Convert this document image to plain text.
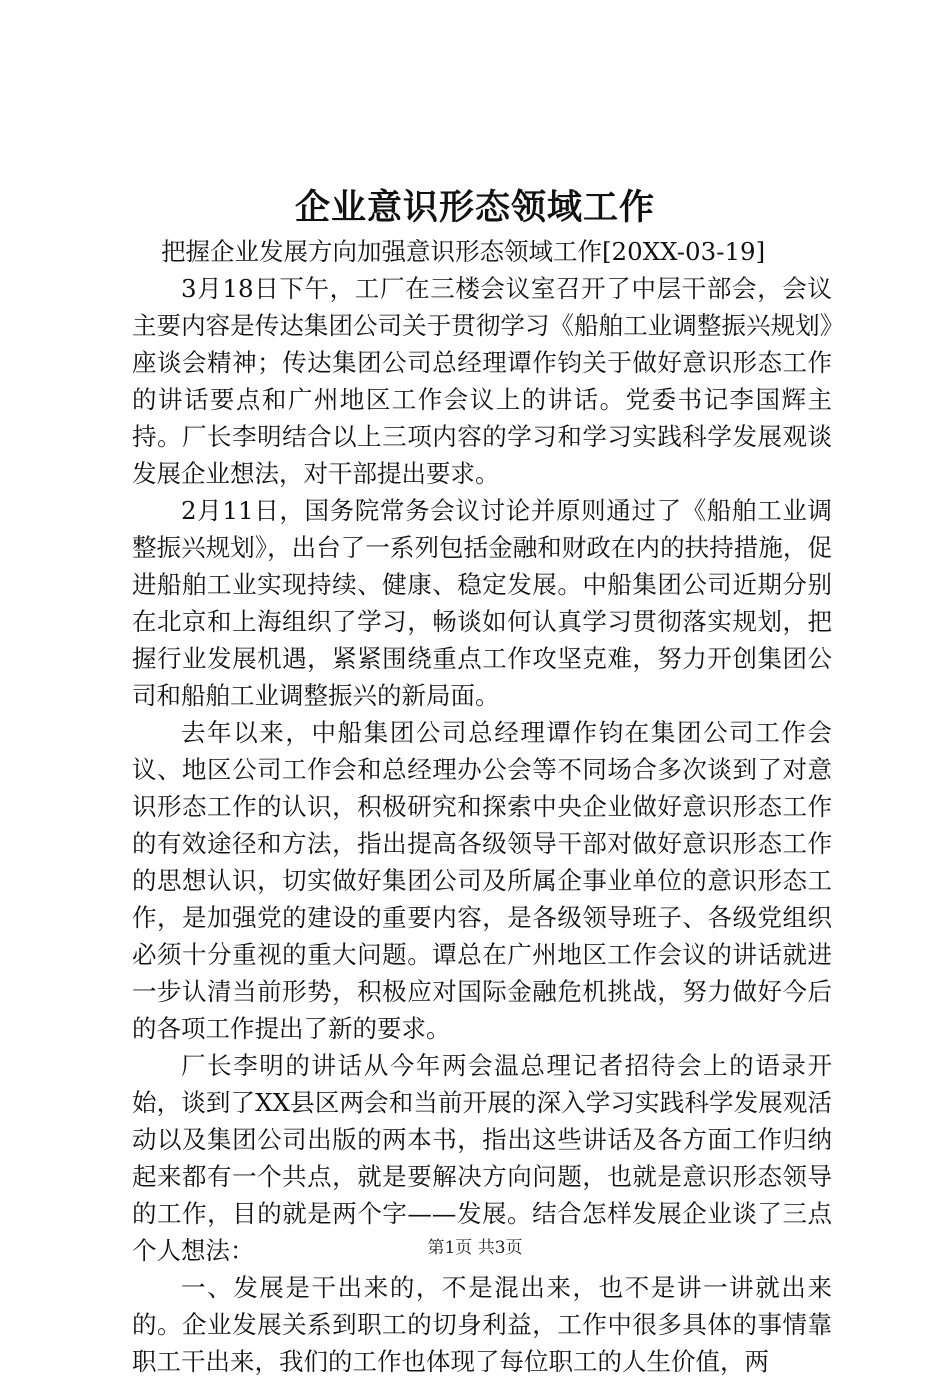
企业意识形态领域工作

把握企业发展方向加强意识形态领域工作[20XX-03-19]

3月18日下午，工厂在三楼会议室召开了中层干部会，会议主要内容是传达集团公司关于贯彻学习《船舶工业调整振兴规划》座谈会精神；传达集团公司总经理谭作钧关于做好意识形态工作的讲话要点和广州地区工作会议上的讲话。党委书记李国辉主持。厂长李明结合以上三项内容的学习和学习实践科学发展观谈发展企业想法，对干部提出要求。

2月11日，国务院常务会议讨论并原则通过了《船舶工业调整振兴规划》，出台了一系列包括金融和财政在内的扶持措施，促进船舶工业实现持续、健康、稳定发展。中船集团公司近期分别在北京和上海组织了学习，畅谈如何认真学习贯彻落实规划，把握行业发展机遇，紧紧围绕重点工作攻坚克难，努力开创集团公司和船舶工业调整振兴的新局面。

去年以来，中船集团公司总经理谭作钧在集团公司工作会议、地区公司工作会和总经理办公会等不同场合多次谈到了对意识形态工作的认识，积极研究和探索中央企业做好意识形态工作的有效途径和方法，指出提高各级领导干部对做好意识形态工作的思想认识，切实做好集团公司及所属企事业单位的意识形态工作，是加强党的建设的重要内容，是各级领导班子、各级党组织必须十分重视的重大问题。谭总在广州地区工作会议的讲话就进一步认清当前形势，积极应对国际金融危机挑战，努力做好今后的各项工作提出了新的要求。

厂长李明的讲话从今年两会温总理记者招待会上的语录开始，谈到了XX县区两会和当前开展的深入学习实践科学发展观活动以及集团公司出版的两本书，指出这些讲话及各方面工作归纳起来都有一个共点，就是要解决方向问题，也就是意识形态领导的工作，目的就是两个字——发展。结合怎样发展企业谈了三点个人想法：

一、发展是干出来的，不是混出来，也不是讲一讲就出来的。企业发展关系到职工的切身利益，工作中很多具体的事情靠职工干出来，我们的工作也体现了每位职工的人生价值，两

第1页 共3页
